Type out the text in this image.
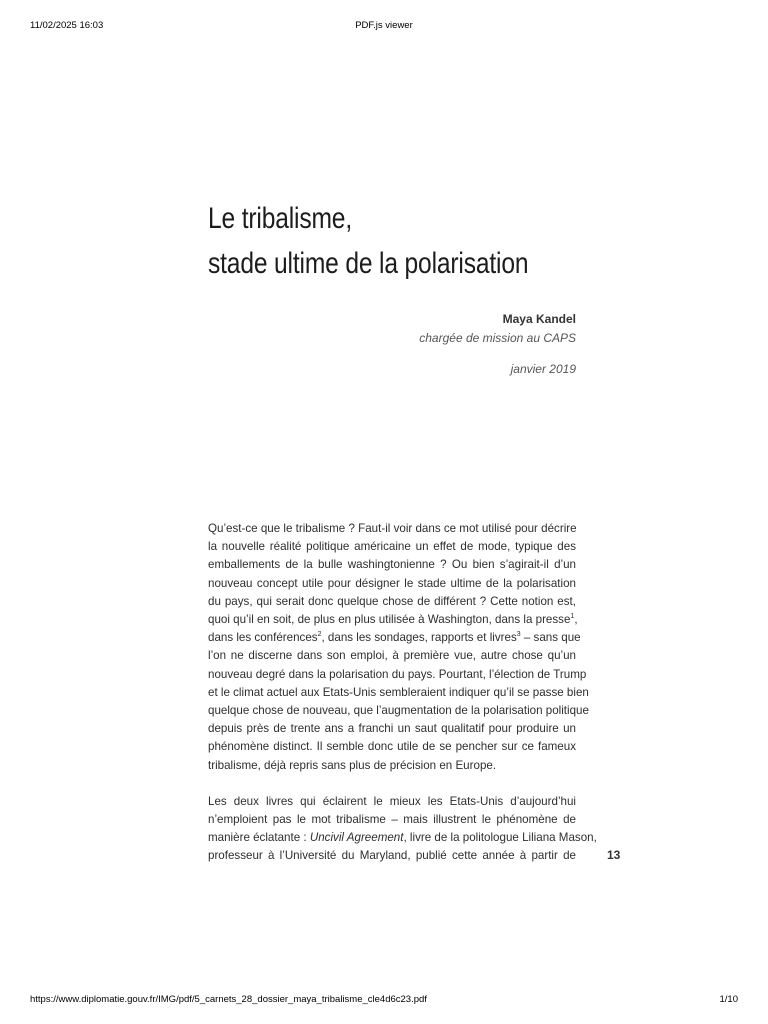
11/02/2025 16:03	PDF.js viewer
Le tribalisme,
stade ultime de la polarisation
Maya Kandel
chargée de mission au CAPS
janvier 2019

Qu’est-ce que le tribalisme ? Faut-il voir dans ce mot utilisé pour décrire
la nouvelle réalité politique américaine un effet de mode, typique des
emballements de la bulle washingtonienne ? Ou bien s’agirait-il d’un
nouveau concept utile pour désigner le stade ultime de la polarisation
du pays, qui serait donc quelque chose de différent ? Cette notion est,
quoi qu’il en soit, de plus en plus utilisée à Washington, dans la presse$^1$,
dans les conférences$^2$, dans les sondages, rapports et livres$^3$ – sans que
l’on ne discerne dans son emploi, à première vue, autre chose qu’un
nouveau degré dans la polarisation du pays. Pourtant, l’élection de Trump
et le climat actuel aux Etats-Unis sembleraient indiquer qu’il se passe bien
quelque chose de nouveau, que l’augmentation de la polarisation politique
depuis près de trente ans a franchi un saut qualitatif pour produire un
phénomène distinct. Il semble donc utile de se pencher sur ce fameux
tribalisme, déjà repris sans plus de précision en Europe.

Les deux livres qui éclairent le mieux les Etats-Unis d’aujourd’hui
n’emploient pas le mot tribalisme – mais illustrent le phénomène de
manière éclatante : Uncivil Agreement, livre de la politologue Liliana Mason,
professeur à l’Université du Maryland, publié cette année à partir de	13
https://www.diplomatie.gouv.fr/IMG/pdf/5_carnets_28_dossier_maya_tribalisme_cle4d6c23.pdf	1/10
